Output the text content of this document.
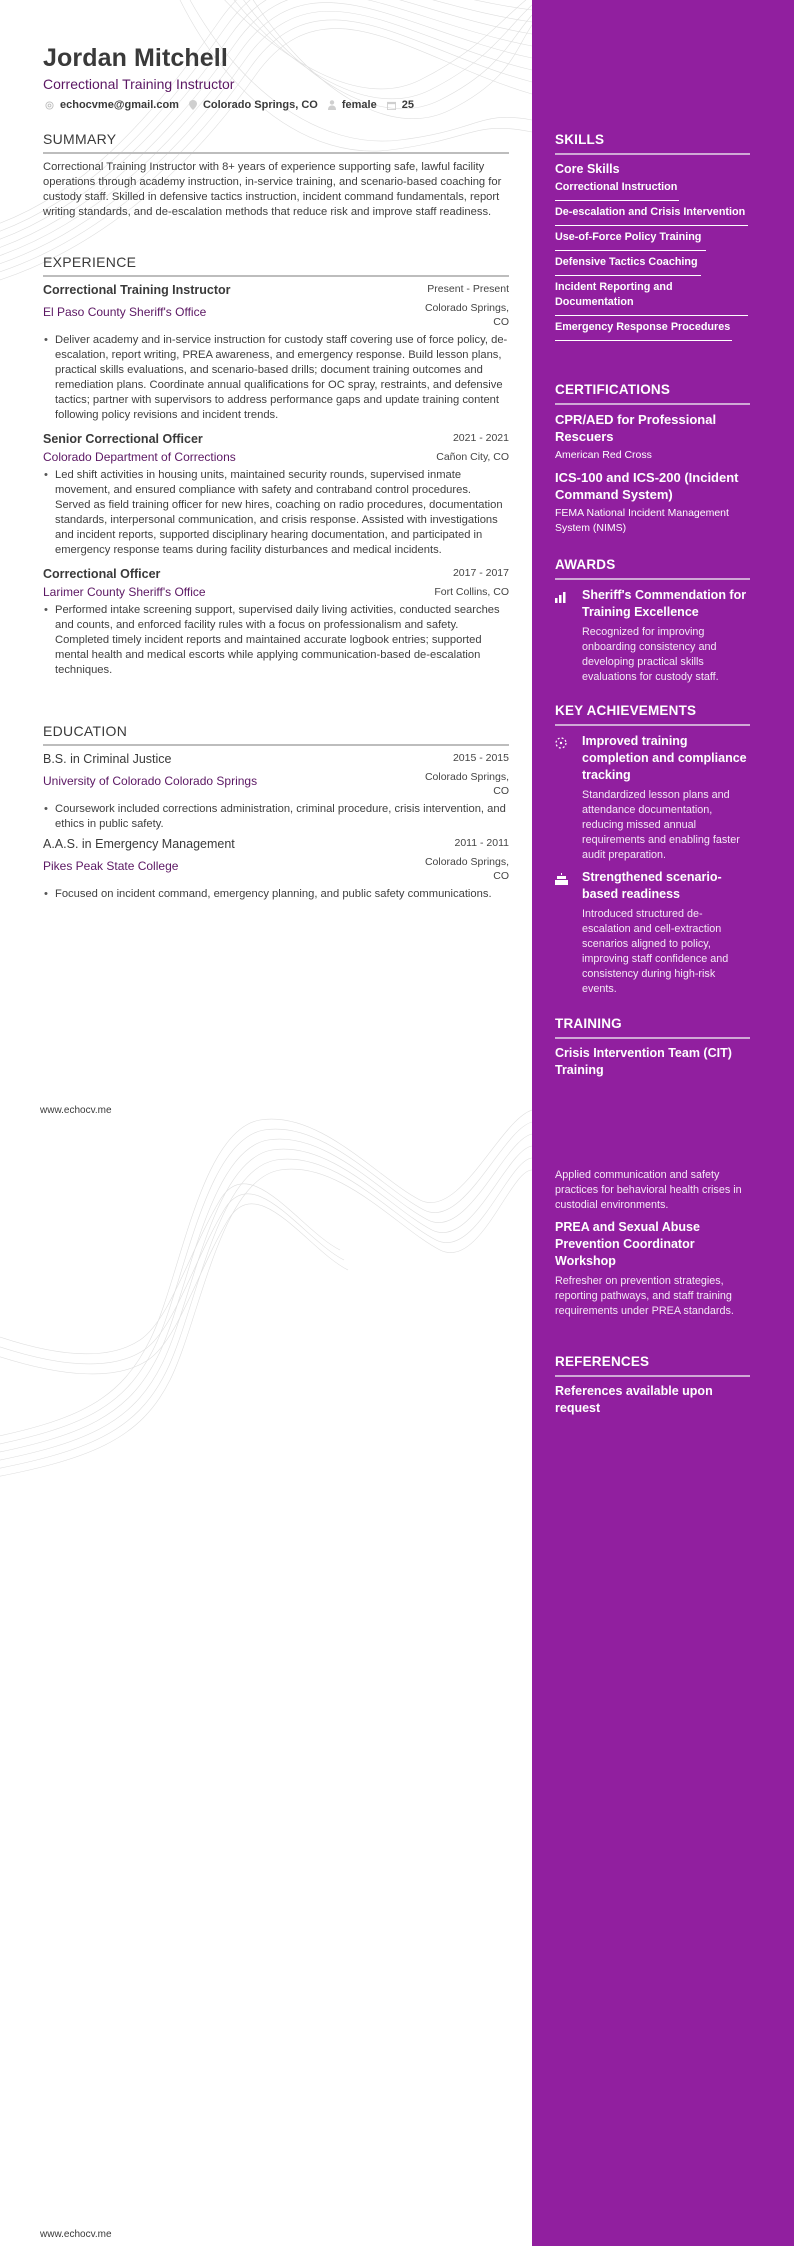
Jordan Mitchell
Correctional Training Instructor
echocvme@gmail.com Colorado Springs, CO female 25
SUMMARY
Correctional Training Instructor with 8+ years of experience supporting safe, lawful facility operations through academy instruction, in-service training, and scenario-based coaching for custody staff. Skilled in defensive tactics instruction, incident command fundamentals, report writing standards, and de-escalation methods that reduce risk and improve staff readiness.
EXPERIENCE
Correctional Training Instructor	Present - Present
El Paso County Sheriff's Office	Colorado Springs, CO
• Deliver academy and in-service instruction for custody staff covering use of force policy, de-escalation, report writing, PREA awareness, and emergency response. Build lesson plans, practical skills evaluations, and scenario-based drills; document training outcomes and remediation plans. Coordinate annual qualifications for OC spray, restraints, and defensive tactics; partner with supervisors to address performance gaps and update training content following policy revisions and incident trends.
Senior Correctional Officer	2021 - 2021
Colorado Department of Corrections	Cañon City, CO
• Led shift activities in housing units, maintained security rounds, supervised inmate movement, and ensured compliance with safety and contraband control procedures. Served as field training officer for new hires, coaching on radio procedures, documentation standards, interpersonal communication, and crisis response. Assisted with investigations and incident reports, supported disciplinary hearing documentation, and participated in emergency response teams during facility disturbances and medical incidents.
Correctional Officer	2017 - 2017
Larimer County Sheriff's Office	Fort Collins, CO
• Performed intake screening support, supervised daily living activities, conducted searches and counts, and enforced facility rules with a focus on professionalism and safety. Completed timely incident reports and maintained accurate logbook entries; supported mental health and medical escorts while applying communication-based de-escalation techniques.
EDUCATION
B.S. in Criminal Justice	2015 - 2015
University of Colorado Colorado Springs	Colorado Springs, CO
• Coursework included corrections administration, criminal procedure, crisis intervention, and ethics in public safety.
A.A.S. in Emergency Management	2011 - 2011
Pikes Peak State College	Colorado Springs, CO
• Focused on incident command, emergency planning, and public safety communications.
www.echocv.me
www.echocv.me
SKILLS
Core Skills
Correctional Instruction
De-escalation and Crisis Intervention
Use-of-Force Policy Training
Defensive Tactics Coaching
Incident Reporting and Documentation
Emergency Response Procedures
CERTIFICATIONS
CPR/AED for Professional Rescuers
American Red Cross
ICS-100 and ICS-200 (Incident Command System)
FEMA National Incident Management System (NIMS)
AWARDS
Sheriff's Commendation for Training Excellence
Recognized for improving onboarding consistency and developing practical skills evaluations for custody staff.
KEY ACHIEVEMENTS
Improved training completion and compliance tracking
Standardized lesson plans and attendance documentation, reducing missed annual requirements and enabling faster audit preparation.
Strengthened scenario-based readiness
Introduced structured de-escalation and cell-extraction scenarios aligned to policy, improving staff confidence and consistency during high-risk events.
TRAINING
Crisis Intervention Team (CIT) Training
Applied communication and safety practices for behavioral health crises in custodial environments.
PREA and Sexual Abuse Prevention Coordinator Workshop
Refresher on prevention strategies, reporting pathways, and staff training requirements under PREA standards.
REFERENCES
References available upon request
